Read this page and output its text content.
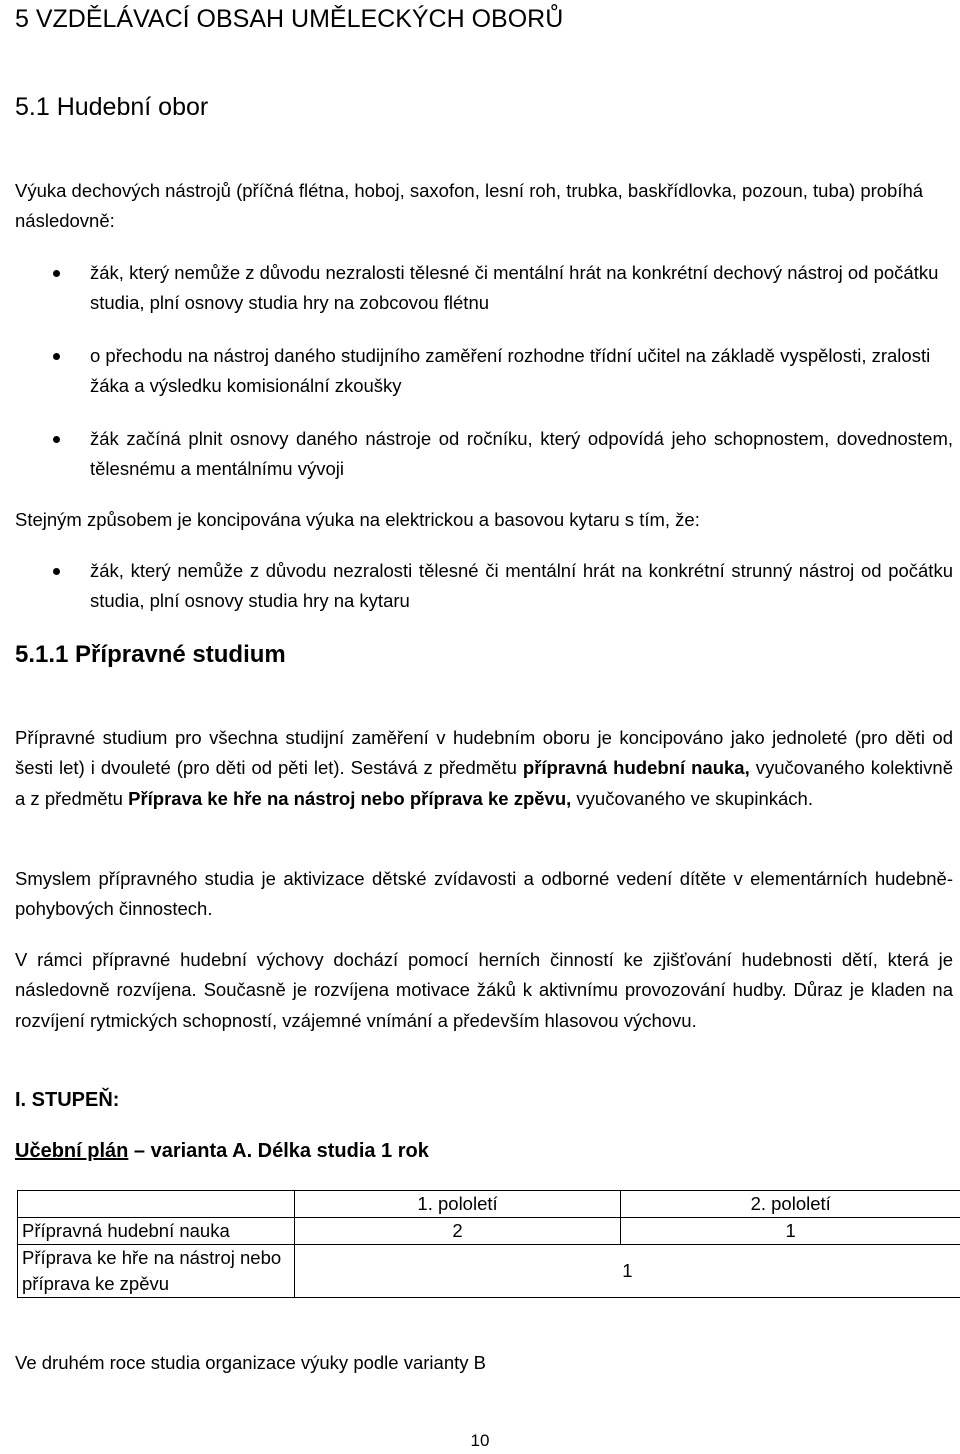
5 VZDĚLÁVACÍ OBSAH UMĚLECKÝCH OBORŮ
5.1 Hudební obor
Výuka dechových nástrojů (příčná flétna, hoboj, saxofon, lesní roh, trubka, baskřídlovka, pozoun, tuba) probíhá následovně:
žák, který nemůže z důvodu nezralosti tělesné či mentální hrát na konkrétní dechový nástroj od počátku studia, plní osnovy studia hry na zobcovou flétnu
o přechodu na nástroj daného studijního zaměření rozhodne třídní učitel na základě vyspělosti, zralosti žáka a výsledku komisionální zkoušky
žák začíná plnit osnovy daného nástroje od ročníku, který odpovídá jeho schopnostem, dovednostem, tělesnému a mentálnímu vývoji
Stejným způsobem je koncipována výuka na elektrickou a basovou kytaru s tím, že:
žák, který nemůže z důvodu nezralosti tělesné či mentální hrát na konkrétní strunný nástroj od počátku studia, plní osnovy studia hry na kytaru
5.1.1 Přípravné studium
Přípravné studium pro všechna studijní zaměření v hudebním oboru je koncipováno jako jednoleté (pro děti od šesti let) i dvouleté (pro děti od pěti let). Sestává z předmětu přípravná hudební nauka, vyučovaného kolektivně a z předmětu Příprava ke hře na nástroj nebo příprava ke zpěvu, vyučovaného ve skupinkách.
Smyslem přípravného studia je aktivizace dětské zvídavosti a odborné vedení dítěte v elementárních hudebně-pohybových činnostech.
V rámci přípravné hudební výchovy dochází pomocí herních činností ke zjišťování hudebnosti dětí, která je následovně rozvíjena. Současně je rozvíjena motivace žáků k aktivnímu provozování hudby. Důraz je kladen na rozvíjení rytmických schopností, vzájemné vnímání a především hlasovou výchovu.
I. STUPEŇ:
Učební plán – varianta A. Délka studia 1 rok
	1. pololetí	2. pololetí
Přípravná hudební nauka	2	1
Příprava ke hře na nástroj nebo příprava ke zpěvu	1	
Ve druhém roce studia organizace výuky podle varianty B
10
